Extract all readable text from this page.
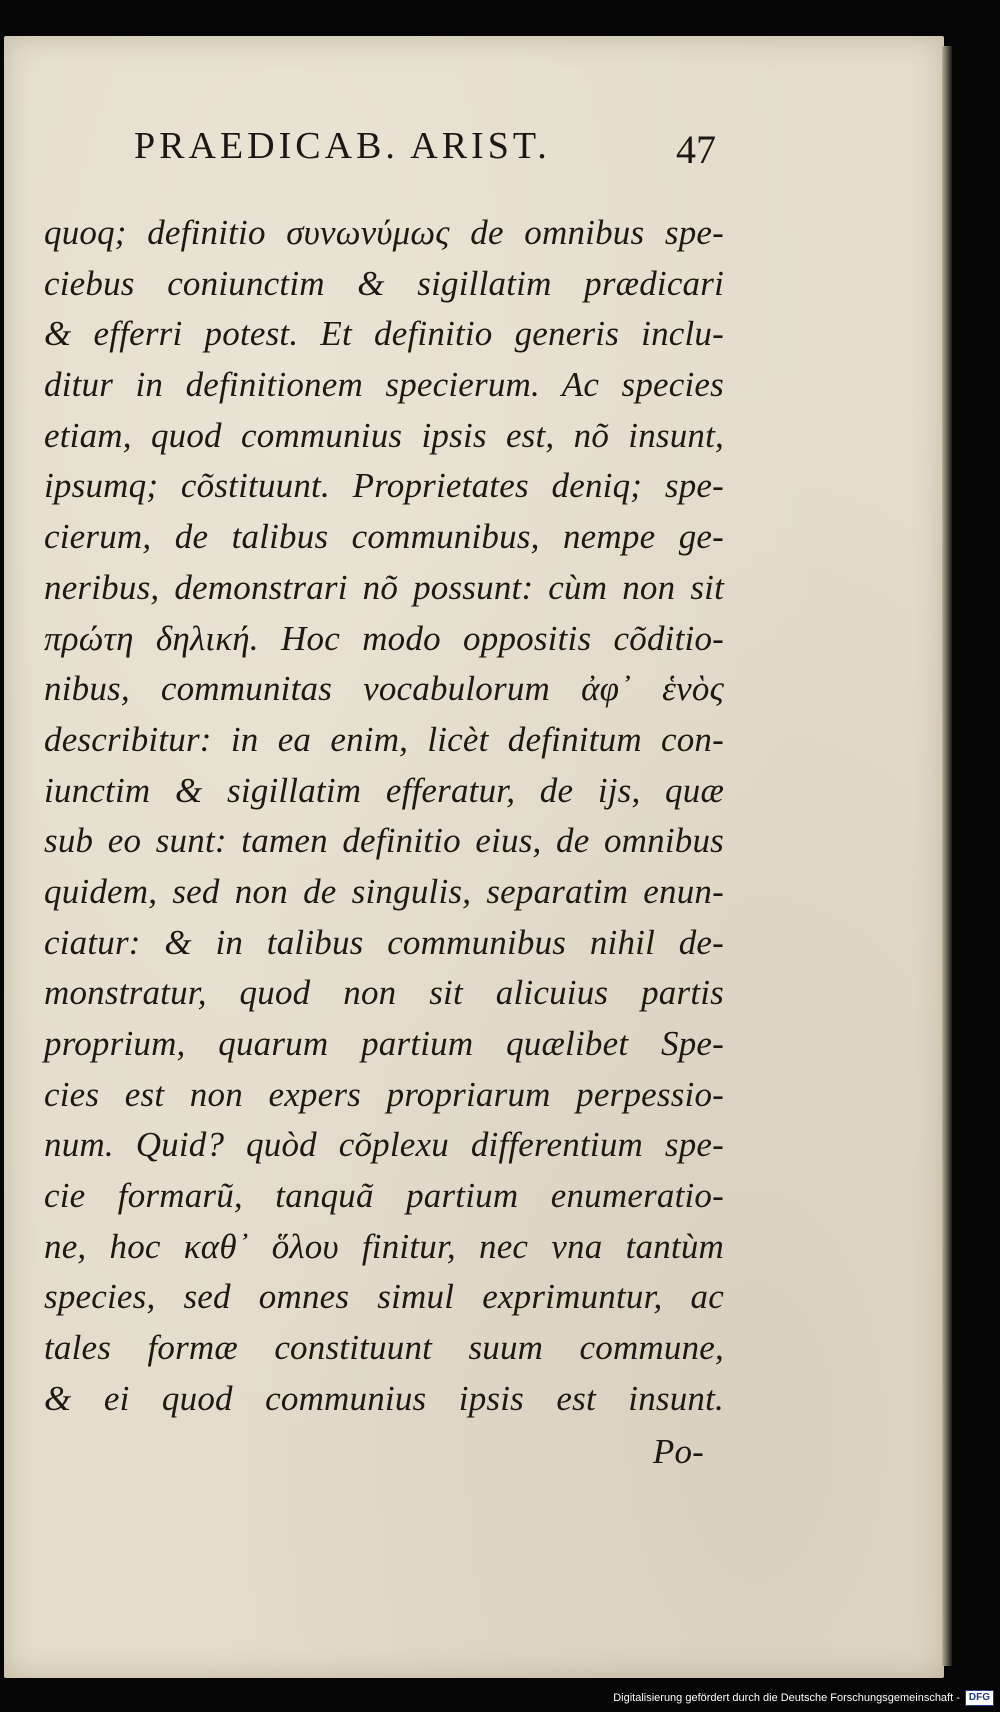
PRAEDICAB. ARIST.	47
quoq; definitio συνωνύμως de omnibus spe-
ciebus coniunctim & sigillatim prædicari
& efferri potest. Et definitio generis inclu-
ditur in definitionem specierum. Ac species
etiam, quod communius ipsis est, nõ insunt,
ipsumq; cõstituunt. Proprietates deniq; spe-
cierum, de talibus communibus, nempe ge-
neribus, demonstrari nõ possunt: cùm non sit
πρώτη δηλική. Hoc modo oppositis cõditio-
nibus, communitas vocabulorum ἀφ᾽ ἑνὸς
describitur: in ea enim, licèt definitum con-
iunctim & sigillatim efferatur, de ijs, quæ
sub eo sunt: tamen definitio eius, de omnibus
quidem, sed non de singulis, separatim enun-
ciatur: & in talibus communibus nihil de-
monstratur, quod non sit alicuius partis
proprium, quarum partium quælibet Spe-
cies est non expers propriarum perpessio-
num. Quid? quòd cõplexu differentium spe-
cie formarũ, tanquã partium enumeratio-
ne, hoc καθ᾽ ὅλου finitur, nec vna tantùm
species, sed omnes simul exprimuntur, ac
tales formæ constituunt suum commune,
& ei quod communius ipsis est insunt.
Po-
Digitalisierung gefördert durch die Deutsche Forschungsgemeinschaft - DFG
